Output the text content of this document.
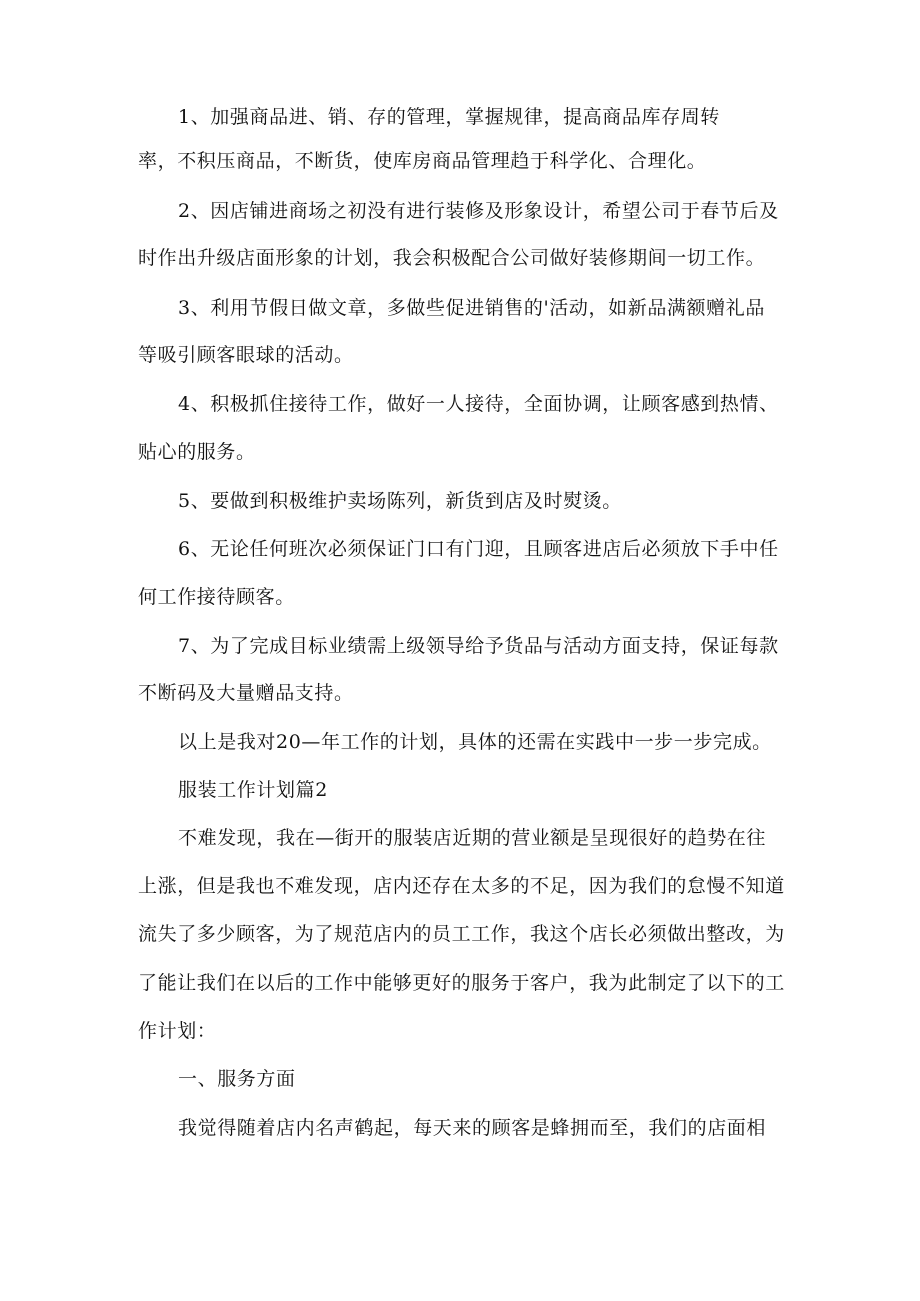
1、加强商品进、销、存的管理，掌握规律，提高商品库存周转
率，不积压商品，不断货，使库房商品管理趋于科学化、合理化。
2、因店铺进商场之初没有进行装修及形象设计，希望公司于春节后及
时作出升级店面形象的计划，我会积极配合公司做好装修期间一切工作。
3、利用节假日做文章，多做些促进销售的'活动，如新品满额赠礼品
等吸引顾客眼球的活动。
4、积极抓住接待工作，做好一人接待，全面协调，让顾客感到热情、
贴心的服务。
5、要做到积极维护卖场陈列，新货到店及时熨烫。
6、无论任何班次必须保证门口有门迎，且顾客进店后必须放下手中任
何工作接待顾客。
7、为了完成目标业绩需上级领导给予货品与活动方面支持，保证每款
不断码及大量赠品支持。
以上是我对20—年工作的计划，具体的还需在实践中一步一步完成。
服装工作计划篇2
不难发现，我在—街开的服装店近期的营业额是呈现很好的趋势在往
上涨，但是我也不难发现，店内还存在太多的不足，因为我们的怠慢不知道
流失了多少顾客，为了规范店内的员工工作，我这个店长必须做出整改，为
了能让我们在以后的工作中能够更好的服务于客户，我为此制定了以下的工
作计划：
一、服务方面
我觉得随着店内名声鹤起，每天来的顾客是蜂拥而至，我们的店面相
